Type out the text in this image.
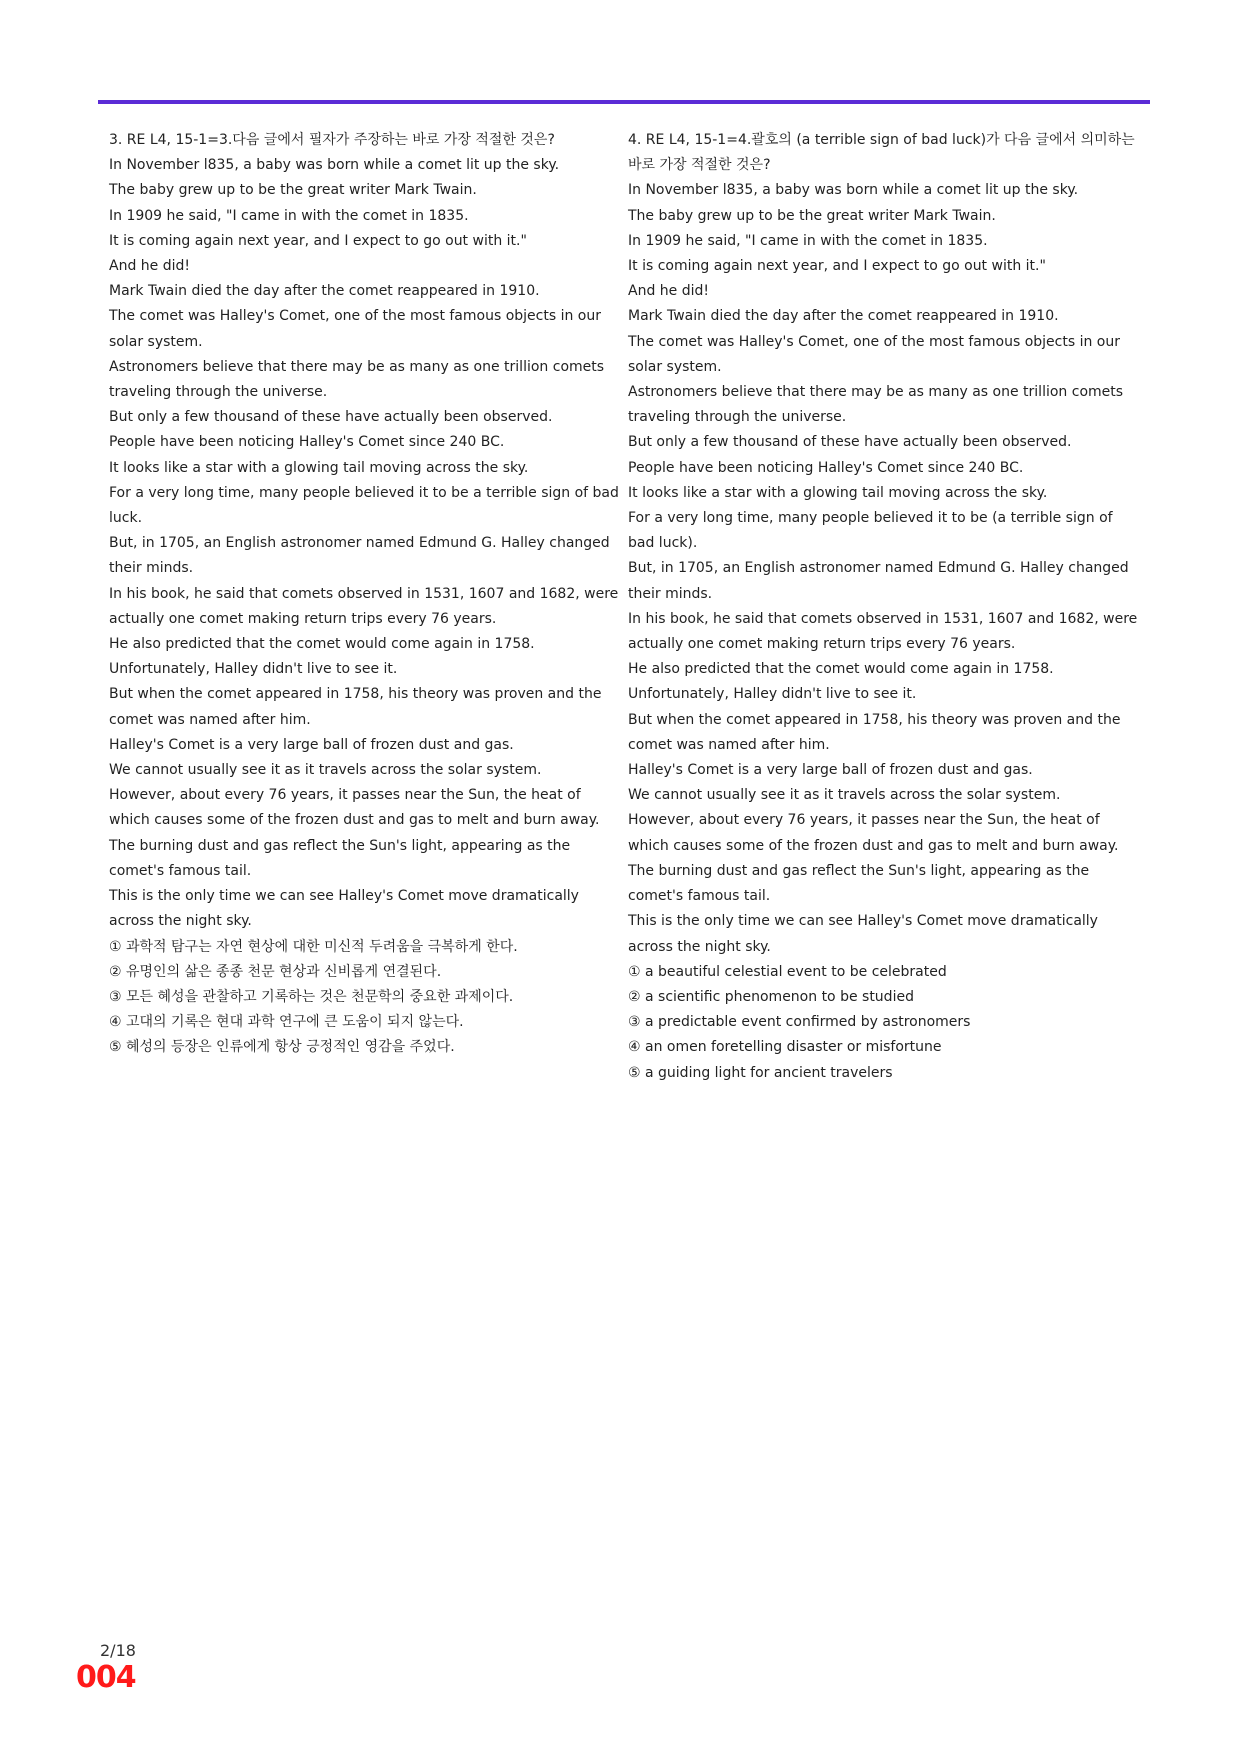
3. RE L4, 15-1=3.다음 글에서 필자가 주장하는 바로 가장 적절한 것은?

In November l835, a baby was born while a comet lit up the sky.

The baby grew up to be the great writer Mark Twain.

In 1909 he said, "I came in with the comet in 1835.

It is coming again next year, and I expect to go out with it."

And he did!

Mark Twain died the day after the comet reappeared in 1910.

The comet was Halley's Comet, one of the most famous objects in our solar system.

Astronomers believe that there may be as many as one trillion comets traveling through the universe.

But only a few thousand of these have actually been observed.

People have been noticing Halley's Comet since 240 BC.

It looks like a star with a glowing tail moving across the sky.

For a very long time, many people believed it to be a terrible sign of bad luck.

But, in 1705, an English astronomer named Edmund G. Halley changed their minds.

In his book, he said that comets observed in 1531, 1607 and 1682, were actually one comet making return trips every 76 years.

He also predicted that the comet would come again in 1758.

Unfortunately, Halley didn't live to see it.

But when the comet appeared in 1758, his theory was proven and the comet was named after him.

Halley's Comet is a very large ball of frozen dust and gas.

We cannot usually see it as it travels across the solar system.

However, about every 76 years, it passes near the Sun, the heat of which causes some of the frozen dust and gas to melt and burn away.

The burning dust and gas reflect the Sun's light, appearing as the comet's famous tail.

This is the only time we can see Halley's Comet move dramatically across the night sky.

① 과학적 탐구는 자연 현상에 대한 미신적 두려움을 극복하게 한다.

② 유명인의 삶은 종종 천문 현상과 신비롭게 연결된다.

③ 모든 혜성을 관찰하고 기록하는 것은 천문학의 중요한 과제이다.

④ 고대의 기록은 현대 과학 연구에 큰 도움이 되지 않는다.

⑤ 혜성의 등장은 인류에게 항상 긍정적인 영감을 주었다.

4. RE L4, 15-1=4.괄호의 (a terrible sign of bad luck)가 다음 글에서 의미하는 바로 가장 적절한 것은?

In November l835, a baby was born while a comet lit up the sky.

The baby grew up to be the great writer Mark Twain.

In 1909 he said, "I came in with the comet in 1835.

It is coming again next year, and I expect to go out with it."

And he did!

Mark Twain died the day after the comet reappeared in 1910.

The comet was Halley's Comet, one of the most famous objects in our solar system.

Astronomers believe that there may be as many as one trillion comets traveling through the universe.

But only a few thousand of these have actually been observed.

People have been noticing Halley's Comet since 240 BC.

It looks like a star with a glowing tail moving across the sky.

For a very long time, many people believed it to be (a terrible sign of bad luck).

But, in 1705, an English astronomer named Edmund G. Halley changed their minds.

In his book, he said that comets observed in 1531, 1607 and 1682, were actually one comet making return trips every 76 years.

He also predicted that the comet would come again in 1758.

Unfortunately, Halley didn't live to see it.

But when the comet appeared in 1758, his theory was proven and the comet was named after him.

Halley's Comet is a very large ball of frozen dust and gas.

We cannot usually see it as it travels across the solar system.

However, about every 76 years, it passes near the Sun, the heat of which causes some of the frozen dust and gas to melt and burn away.

The burning dust and gas reflect the Sun's light, appearing as the comet's famous tail.

This is the only time we can see Halley's Comet move dramatically across the night sky.

① a beautiful celestial event to be celebrated

② a scientific phenomenon to be studied

③ a predictable event confirmed by astronomers

④ an omen foretelling disaster or misfortune

⑤ a guiding light for ancient travelers

2/18
004
